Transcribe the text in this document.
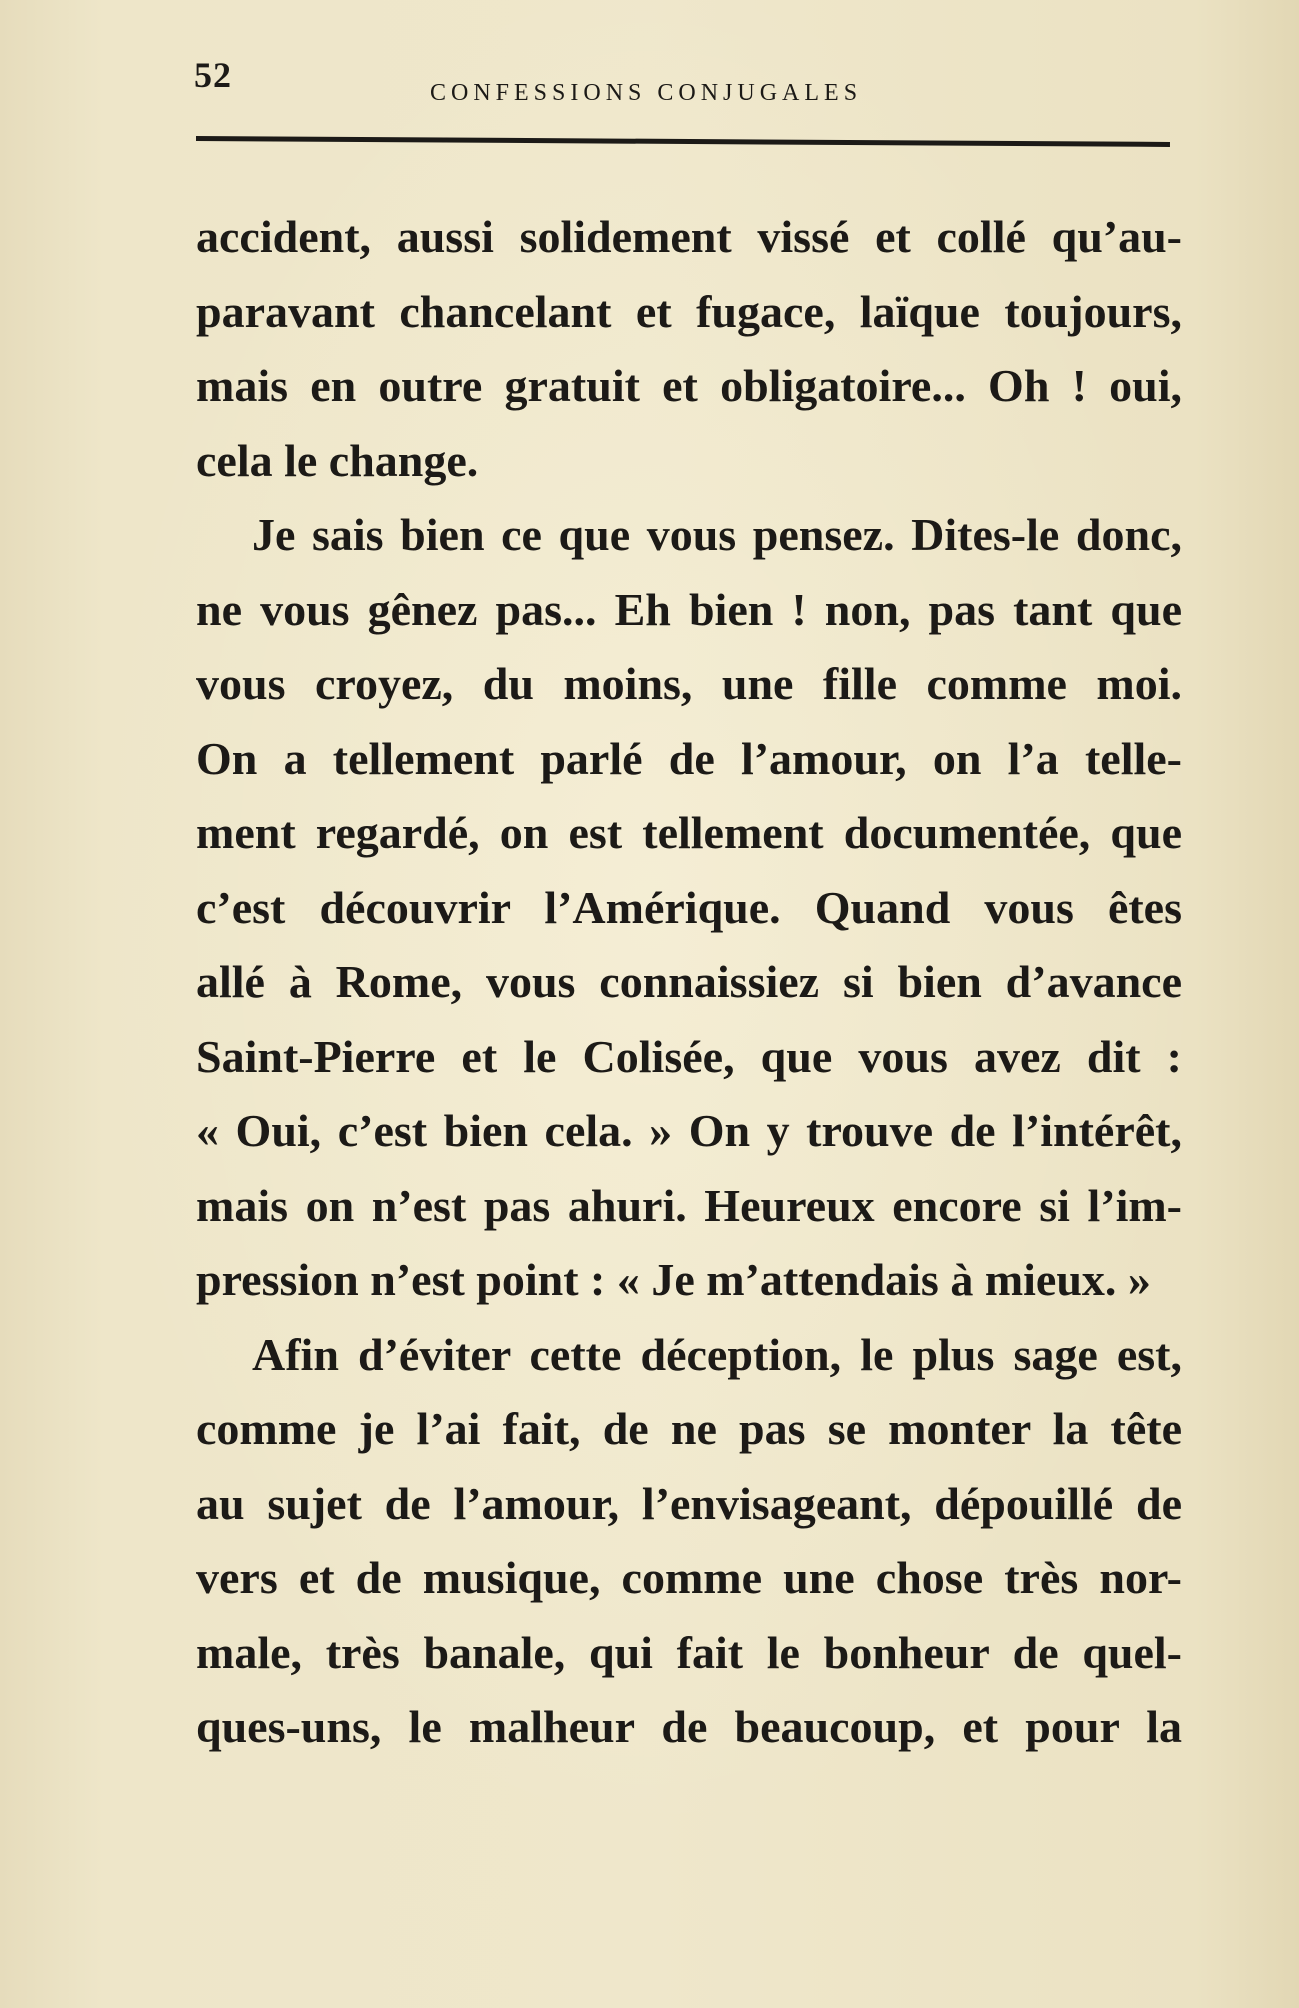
52	CONFESSIONS CONJUGALES
accident, aussi solidement vissé et collé qu’au-
paravant chancelant et fugace, laïque toujours,
mais en outre gratuit et obligatoire... Oh ! oui,
cela le change.
Je sais bien ce que vous pensez. Dites-le donc,
ne vous gênez pas... Eh bien ! non, pas tant que
vous croyez, du moins, une fille comme moi.
On a tellement parlé de l’amour, on l’a telle-
ment regardé, on est tellement documentée, que
c’est découvrir l’Amérique. Quand vous êtes
allé à Rome, vous connaissiez si bien d’avance
Saint-Pierre et le Colisée, que vous avez dit :
« Oui, c’est bien cela. » On y trouve de l’intérêt,
mais on n’est pas ahuri. Heureux encore si l’im-
pression n’est point : « Je m’attendais à mieux. »
Afin d’éviter cette déception, le plus sage est,
comme je l’ai fait, de ne pas se monter la tête
au sujet de l’amour, l’envisageant, dépouillé de
vers et de musique, comme une chose très nor-
male, très banale, qui fait le bonheur de quel-
ques-uns, le malheur de beaucoup, et pour la
